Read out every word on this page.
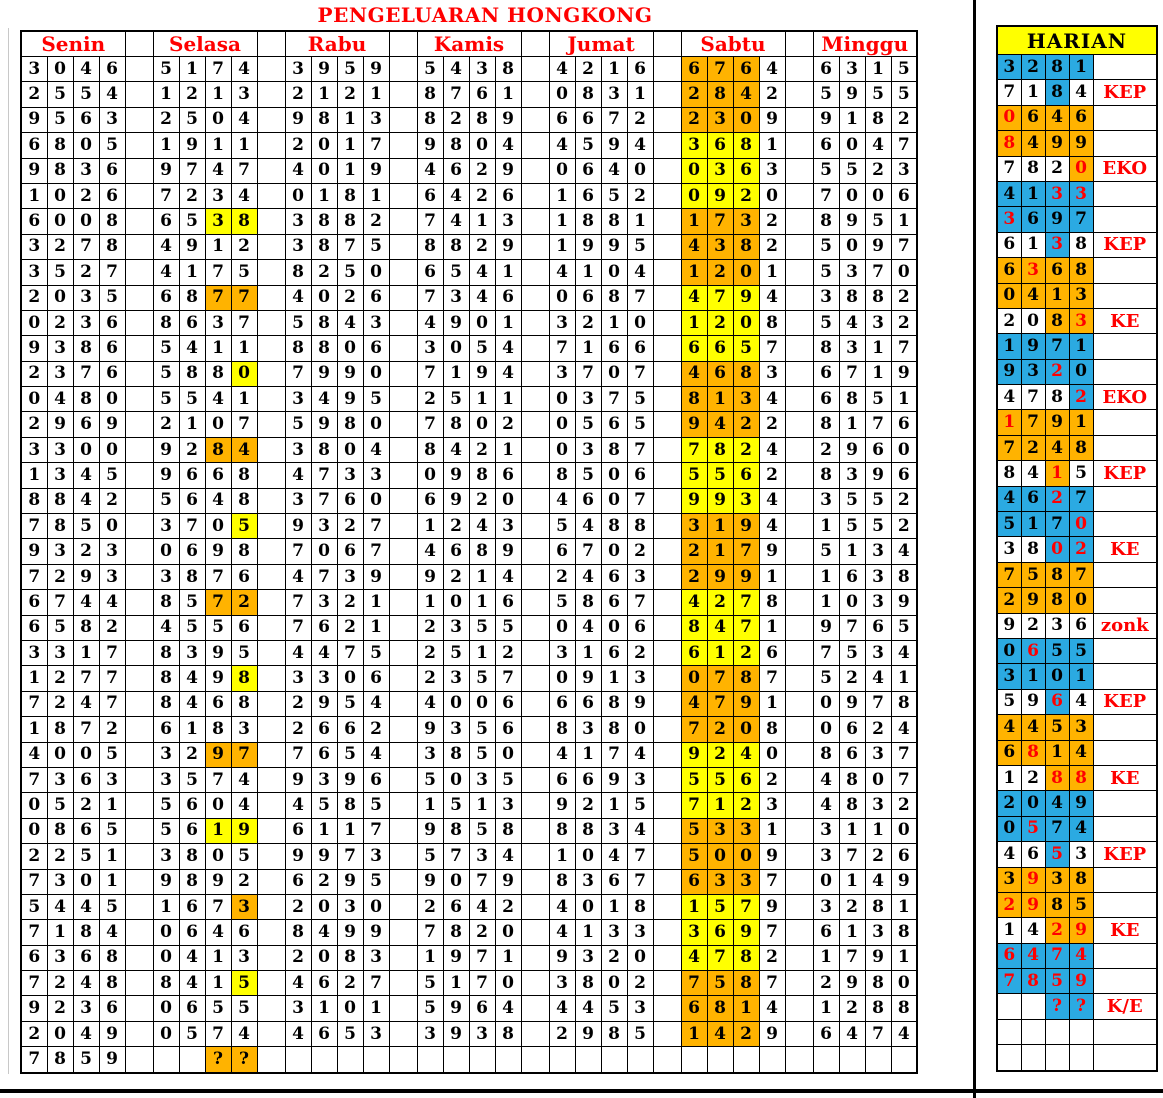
PENGELUARAN HONGKONG
Senin					Selasa					Rabu					Kamis					Jumat					Sabtu					Minggu			
3	0	4	6		5	1	7	4		3	9	5	9		5	4	3	8		4	2	1	6		6	7	6	4		6	3	1	5
2	5	5	4		1	2	1	3		2	1	2	1		8	7	6	1		0	8	3	1		2	8	4	2		5	9	5	5
9	5	6	3		2	5	0	4		9	8	1	3		8	2	8	9		6	6	7	2		2	3	0	9		9	1	8	2
6	8	0	5		1	9	1	1		2	0	1	7		9	8	0	4		4	5	9	4		3	6	8	1		6	0	4	7
9	8	3	6		9	7	4	7		4	0	1	9		4	6	2	9		0	6	4	0		0	3	6	3		5	5	2	3
1	0	2	6		7	2	3	4		0	1	8	1		6	4	2	6		1	6	5	2		0	9	2	0		7	0	0	6
6	0	0	8		6	5	3	8		3	8	8	2		7	4	1	3		1	8	8	1		1	7	3	2		8	9	5	1
3	2	7	8		4	9	1	2		3	8	7	5		8	8	2	9		1	9	9	5		4	3	8	2		5	0	9	7
3	5	2	7		4	1	7	5		8	2	5	0		6	5	4	1		4	1	0	4		1	2	0	1		5	3	7	0
2	0	3	5		6	8	7	7		4	0	2	6		7	3	4	6		0	6	8	7		4	7	9	4		3	8	8	2
0	2	3	6		8	6	3	7		5	8	4	3		4	9	0	1		3	2	1	0		1	2	0	8		5	4	3	2
9	3	8	6		5	4	1	1		8	8	0	6		3	0	5	4		7	1	6	6		6	6	5	7		8	3	1	7
2	3	7	6		5	8	8	0		7	9	9	0		7	1	9	4		3	7	0	7		4	6	8	3		6	7	1	9
0	4	8	0		5	5	4	1		3	4	9	5		2	5	1	1		0	3	7	5		8	1	3	4		6	8	5	1
2	9	6	9		2	1	0	7		5	9	8	0		7	8	0	2		0	5	6	5		9	4	2	2		8	1	7	6
3	3	0	0		9	2	8	4		3	8	0	4		8	4	2	1		0	3	8	7		7	8	2	4		2	9	6	0
1	3	4	5		9	6	6	8		4	7	3	3		0	9	8	6		8	5	0	6		5	5	6	2		8	3	9	6
8	8	4	2		5	6	4	8		3	7	6	0		6	9	2	0		4	6	0	7		9	9	3	4		3	5	5	2
7	8	5	0		3	7	0	5		9	3	2	7		1	2	4	3		5	4	8	8		3	1	9	4		1	5	5	2
9	3	2	3		0	6	9	8		7	0	6	7		4	6	8	9		6	7	0	2		2	1	7	9		5	1	3	4
7	2	9	3		3	8	7	6		4	7	3	9		9	2	1	4		2	4	6	3		2	9	9	1		1	6	3	8
6	7	4	4		8	5	7	2		7	3	2	1		1	0	1	6		5	8	6	7		4	2	7	8		1	0	3	9
6	5	8	2		4	5	5	6		7	6	2	1		2	3	5	5		0	4	0	6		8	4	7	1		9	7	6	5
3	3	1	7		8	3	9	5		4	4	7	5		2	5	1	2		3	1	6	2		6	1	2	6		7	5	3	4
1	2	7	7		8	4	9	8		3	3	0	6		2	3	5	7		0	9	1	3		0	7	8	7		5	2	4	1
7	2	4	7		8	4	6	8		2	9	5	4		4	0	0	6		6	6	8	9		4	7	9	1		0	9	7	8
1	8	7	2		6	1	8	3		2	6	6	2		9	3	5	6		8	3	8	0		7	2	0	8		0	6	2	4
4	0	0	5		3	2	9	7		7	6	5	4		3	8	5	0		4	1	7	4		9	2	4	0		8	6	3	7
7	3	6	3		3	5	7	4		9	3	9	6		5	0	3	5		6	6	9	3		5	5	6	2		4	8	0	7
0	5	2	1		5	6	0	4		4	5	8	5		1	5	1	3		9	2	1	5		7	1	2	3		4	8	3	2
0	8	6	5		5	6	1	9		6	1	1	7		9	8	5	8		8	8	3	4		5	3	3	1		3	1	1	0
2	2	5	1		3	8	0	5		9	9	7	3		5	7	3	4		1	0	4	7		5	0	0	9		3	7	2	6
7	3	0	1		9	8	9	2		6	2	9	5		9	0	7	9		8	3	6	7		6	3	3	7		0	1	4	9
5	4	4	5		1	6	7	3		2	0	3	0		2	6	4	2		4	0	1	8		1	5	7	9		3	2	8	1
7	1	8	4		0	6	4	6		8	4	9	9		7	8	2	0		4	1	3	3		3	6	9	7		6	1	3	8
6	3	6	8		0	4	1	3		2	0	8	3		1	9	7	1		9	3	2	0		4	7	8	2		1	7	9	1
7	2	4	8		8	4	1	5		4	6	2	7		5	1	7	0		3	8	0	2		7	5	8	7		2	9	8	0
9	2	3	6		0	6	5	5		3	1	0	1		5	9	6	4		4	4	5	3		6	8	1	4		1	2	8	8
2	0	4	9		0	5	7	4		4	6	5	3		3	9	3	8		2	9	8	5		1	4	2	9		6	4	7	4
7	8	5	9				?	?																									
HARIAN				
3	2	8	1	
7	1	8	4	KEP
0	6	4	6	
8	4	9	9	
7	8	2	0	EKO
4	1	3	3	
3	6	9	7	
6	1	3	8	KEP
6	3	6	8	
0	4	1	3	
2	0	8	3	KE
1	9	7	1	
9	3	2	0	
4	7	8	2	EKO
1	7	9	1	
7	2	4	8	
8	4	1	5	KEP
4	6	2	7	
5	1	7	0	
3	8	0	2	KE
7	5	8	7	
2	9	8	0	
9	2	3	6	zonk
0	6	5	5	
3	1	0	1	
5	9	6	4	KEP
4	4	5	3	
6	8	1	4	
1	2	8	8	KE
2	0	4	9	
0	5	7	4	
4	6	5	3	KEP
3	9	3	8	
2	9	8	5	
1	4	2	9	KE
6	4	7	4	
7	8	5	9	
		?	?	K/E
